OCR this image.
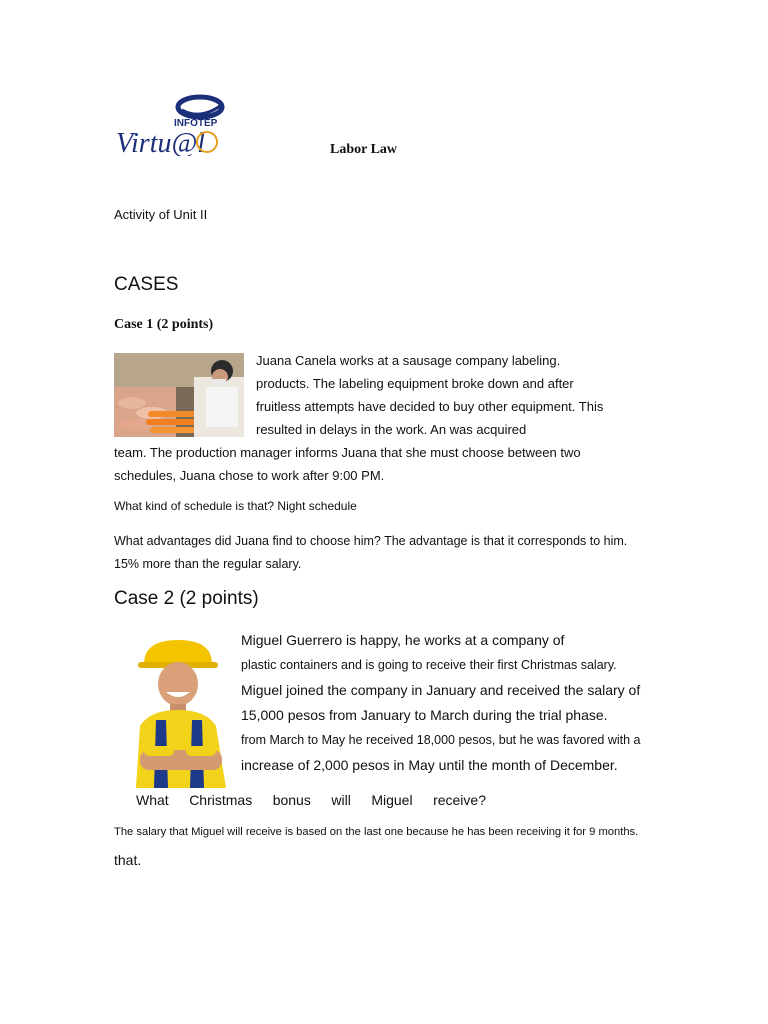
INFOTEP
Virtu@l	Labor Law
Activity of Unit II
CASES
Case 1 (2 points)
Juana Canela works at a sausage company labeling.
products. The labeling equipment broke down and after
fruitless attempts have decided to buy other equipment. This
resulted in delays in the work. An was acquired
team. The production manager informs Juana that she must choose between two
schedules, Juana chose to work after 9:00 PM.
What kind of schedule is that? Night schedule
What advantages did Juana find to choose him? The advantage is that it corresponds to him.
15% more than the regular salary.
Case 2 (2 points)
Miguel Guerrero is happy, he works at a company of
plastic containers and is going to receive their first Christmas salary.
Miguel joined the company in January and received the salary of
15,000 pesos from January to March during the trial phase.
from March to May he received 18,000 pesos, but he was favored with a
increase of 2,000 pesos in May until the month of December.
What Christmas bonus will Miguel receive?
The salary that Miguel will receive is based on the last one because he has been receiving it for 9 months.
that.
